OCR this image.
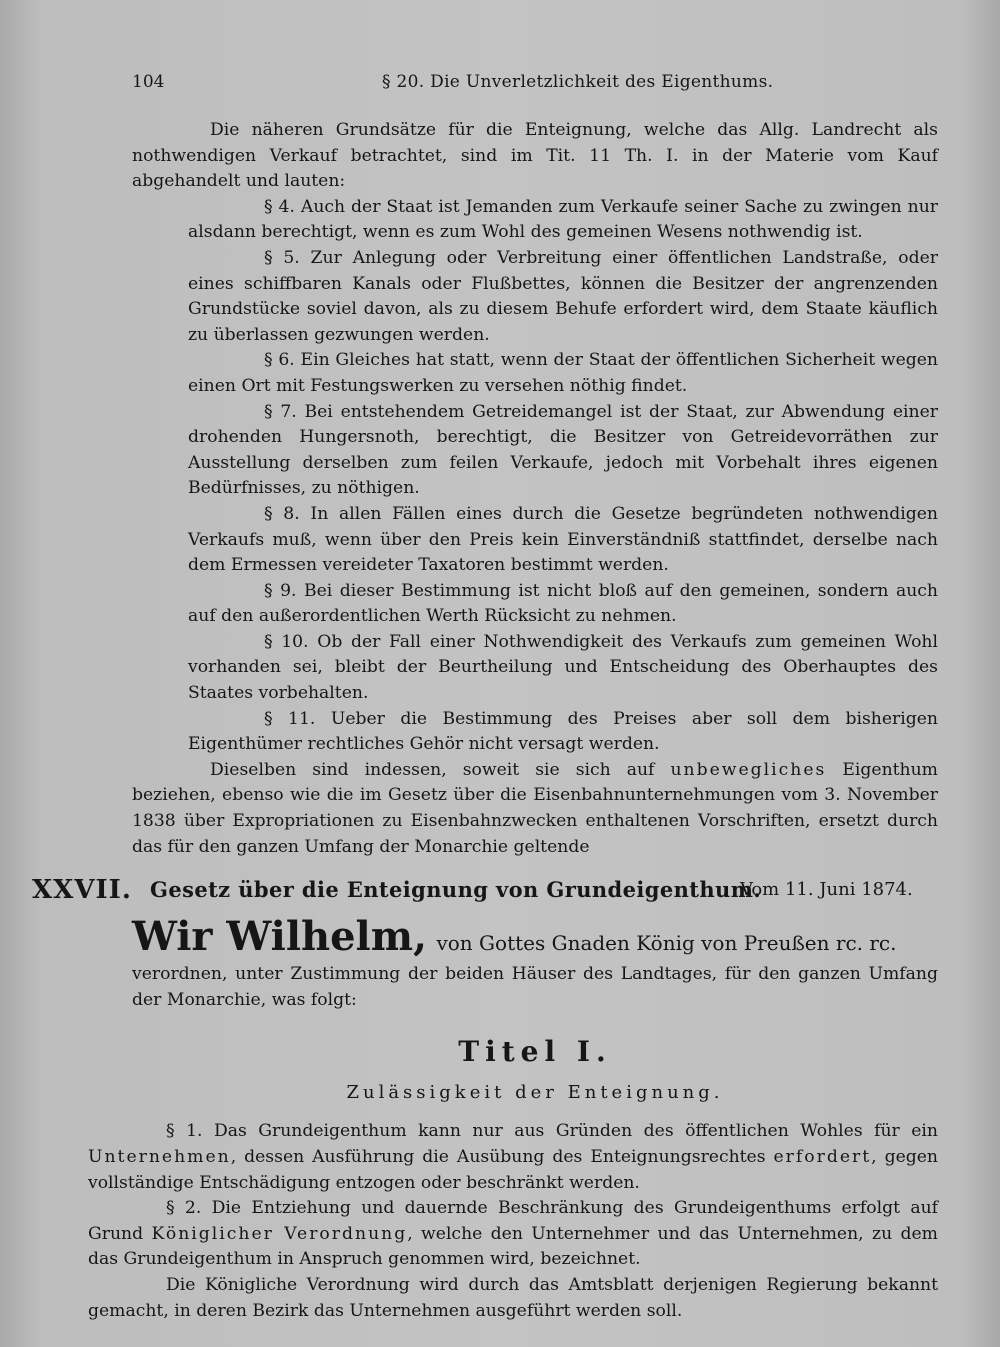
104	§ 20. Die Unverletzlichkeit des Eigenthums.

Die näheren Grundsätze für die Enteignung, welche das Allg. Landrecht als nothwendigen Verkauf betrachtet, sind im Tit. 11 Th. I. in der Materie vom Kauf abgehandelt und lauten:

§ 4. Auch der Staat ist Jemanden zum Verkaufe seiner Sache zu zwingen nur alsdann berechtigt, wenn es zum Wohl des gemeinen Wesens nothwendig ist.

§ 5. Zur Anlegung oder Verbreitung einer öffentlichen Landstraße, oder eines schiffbaren Kanals oder Flußbettes, können die Besitzer der angrenzenden Grundstücke soviel davon, als zu diesem Behufe erfordert wird, dem Staate käuflich zu überlassen gezwungen werden.

§ 6. Ein Gleiches hat statt, wenn der Staat der öffentlichen Sicherheit wegen einen Ort mit Festungswerken zu versehen nöthig findet.

§ 7. Bei entstehendem Getreidemangel ist der Staat, zur Abwendung einer drohenden Hungersnoth, berechtigt, die Besitzer von Getreidevorräthen zur Ausstellung derselben zum feilen Verkaufe, jedoch mit Vorbehalt ihres eigenen Bedürfnisses, zu nöthigen.

§ 8. In allen Fällen eines durch die Gesetze begründeten nothwendigen Verkaufs muß, wenn über den Preis kein Einverständniß stattfindet, derselbe nach dem Ermessen vereideter Taxatoren bestimmt werden.

§ 9. Bei dieser Bestimmung ist nicht bloß auf den gemeinen, sondern auch auf den außerordentlichen Werth Rücksicht zu nehmen.

§ 10. Ob der Fall einer Nothwendigkeit des Verkaufs zum gemeinen Wohl vorhanden sei, bleibt der Beurtheilung und Entscheidung des Oberhauptes des Staates vorbehalten.

§ 11. Ueber die Bestimmung des Preises aber soll dem bisherigen Eigenthümer rechtliches Gehör nicht versagt werden.

Dieselben sind indessen, soweit sie sich auf unbewegliches Eigenthum beziehen, ebenso wie die im Gesetz über die Eisenbahnunternehmungen vom 3. November 1838 über Expropriationen zu Eisenbahnzwecken enthaltenen Vorschriften, ersetzt durch das für den ganzen Umfang der Monarchie geltende

XXVII. Gesetz über die Enteignung von Grundeigenthum.
Vom 11. Juni 1874.
Wir Wilhelm, von Gottes Gnaden König von Preußen rc. rc.

verordnen, unter Zustimmung der beiden Häuser des Landtages, für den ganzen Umfang der Monarchie, was folgt:

Titel I.
Zulässigkeit der Enteignung.

§ 1. Das Grundeigenthum kann nur aus Gründen des öffentlichen Wohles für ein Unternehmen, dessen Ausführung die Ausübung des Enteignungsrechtes erfordert, gegen vollständige Entschädigung entzogen oder beschränkt werden.

§ 2. Die Entziehung und dauernde Beschränkung des Grundeigenthums erfolgt auf Grund Königlicher Verordnung, welche den Unternehmer und das Unternehmen, zu dem das Grundeigenthum in Anspruch genommen wird, bezeichnet.

Die Königliche Verordnung wird durch das Amtsblatt derjenigen Regierung bekannt gemacht, in deren Bezirk das Unternehmen ausgeführt werden soll.
